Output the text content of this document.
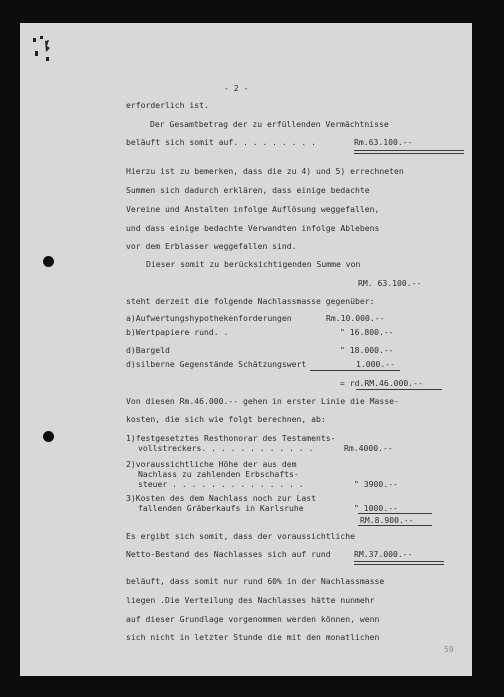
- 2 -
erforderlich ist.
Der Gesamtbetrag der zu erfüllenden Vermächtnisse
beläuft sich somit auf. . . . . . . . .	Rm.63.100.--
Hierzu ist zu bemerken, dass die zu 4) und 5) errechneten
Summen sich dadurch erklären, dass einige bedachte
Vereine und Anstalten infolge Auflösung weggefallen,
und dass einige bedachte Verwandten infolge Ablebens
vor dem Erblasser weggefallen sind.
Dieser somit zu berücksichtigenden Summe von
RM. 63.100.--
steht derzeit die folgende Nachlassmasse gegenüber:
a)Aufwertungshypothekenforderungen	Rm.10.000.--
b)Wertpapiere rund. .	" 16.800.--
d)Bargeld	" 18.000.--
d)silberne Gegenstände Schätzungswert	1.000.--
= rd.RM.46.000.--
Von diesen Rm.46.000.-- gehen in erster Linie die Masse-
kosten, die sich wie folgt berechnen, ab:
1)festgesetztes Resthonorar des Testaments-
vollstreckers. . . . . . . . . . . .	Rm.4000.--
2)voraussichtliche Höhe der aus dem
Nachlass zu zahlenden Erbschafts-
steuer . . . . . . . . . . . . . .	" 3900.--
3)Kosten des dem Nachlass noch zur Last
fallenden Gräberkaufs in Karlsruhe	" 1000.--
RM.8.900.--
Es ergibt sich somit, dass der voraussichtliche
Netto-Bestand des Nachlasses sich auf rund	RM.37.000.--
beläuft, dass somit nur rund 60% in der Nachlassmasse
liegen .Die Verteilung des Nachlasses hätte nunmehr
auf dieser Grundlage vorgenommen werden können, wenn
sich nicht in letzter Stunde die mit den monatlichen
59
